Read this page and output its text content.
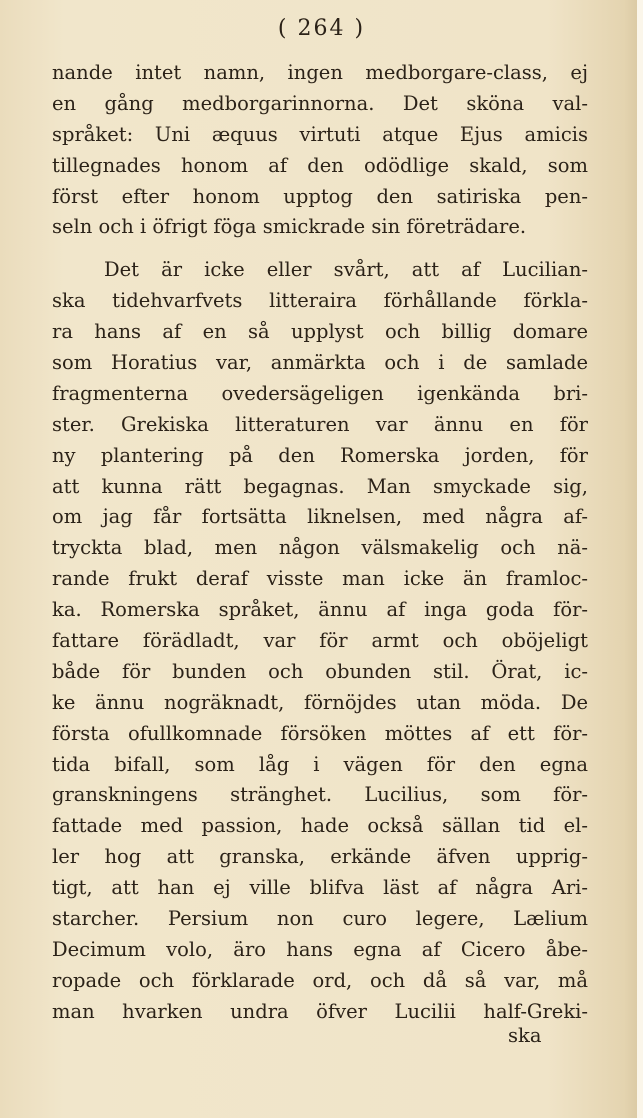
( 264 )
nande intet namn, ingen medborgare-class, ej
en gång medborgarinnorna. Det sköna val-
språket: Uni æquus virtuti atque Ejus amicis
tillegnades honom af den odödlige skald, som
först efter honom upptog den satiriska pen-
seln och i öfrigt föga smickrade sin företrädare.
Det är icke eller svårt, att af Lucilian-
ska tidehvarfvets litteraira förhållande förkla-
ra hans af en så upplyst och billig domare
som Horatius var, anmärkta och i de samlade
fragmenterna ovedersägeligen igenkända bri-
ster. Grekiska litteraturen var ännu en för
ny plantering på den Romerska jorden, för
att kunna rätt begagnas. Man smyckade sig,
om jag får fortsätta liknelsen, med några af-
tryckta blad, men någon välsmakelig och nä-
rande frukt deraf visste man icke än framloc-
ka. Romerska språket, ännu af inga goda för-
fattare förädladt, var för armt och oböjeligt
både för bunden och obunden stil. Örat, ic-
ke ännu nogräknadt, förnöjdes utan möda. De
första ofullkomnade försöken möttes af ett för-
tida bifall, som låg i vägen för den egna
granskningens stränghet. Lucilius, som för-
fattade med passion, hade också sällan tid el-
ler hog att granska, erkände äfven upprig-
tigt, att han ej ville blifva läst af några Ari-
starcher. Persium non curo legere, Lælium
Decimum volo, äro hans egna af Cicero åbe-
ropade och förklarade ord, och då så var, må
man hvarken undra öfver Lucilii half-Greki-
ska
